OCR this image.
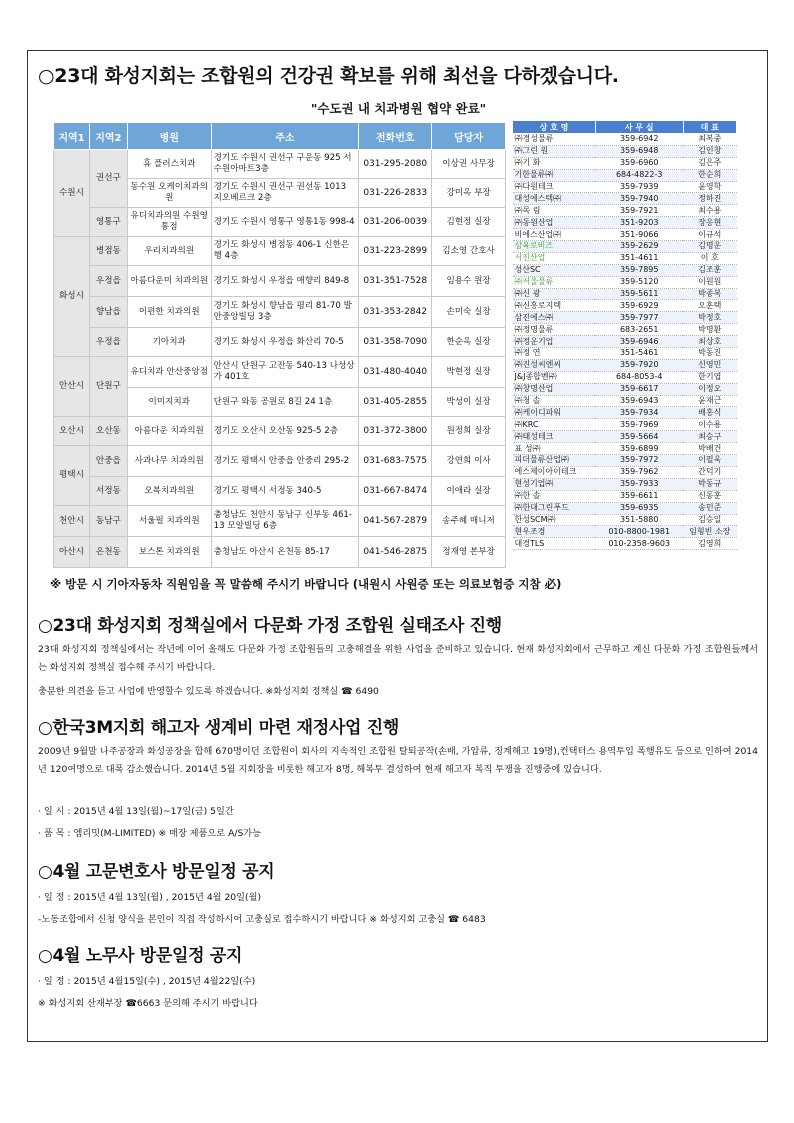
○23대 화성지회는 조합원의 건강권 확보를 위해 최선을 다하겠습니다.
"수도권 내 치과병원 협약 완료"
지역1	지역2	병원	주소	전화번호	담당자
수원시	권선구	휴 플러스치과	경기도 수원시 권선구 구운동 925 서수원아마트3층	031-295-2080	이상권 사무장
		동수원 오케이치과의원	경기도 수원시 권선구 권선동 1013 지오베르크 2층	031-226-2833	강미옥 부장
	영통구	유디치과의원 수원영통점	경기도 수원시 영통구 영통1동 998-4	031-206-0039	김현정 실장
화성시	병점동	우리치과의원	경기도 화성시 병점동 406-1 신한은행 4층	031-223-2899	김소영 간호사
	우정읍	아름다운미 치과의원	경기도 화성시 우정읍 매향리 849-8	031-351-7528	임용수 원장
	향남읍	이편한 치과의원	경기도 화성시 향남읍 평리 81-70 발안중앙빌딩 3층	031-353-2842	손미숙 실장
	우정읍	기아치과	경기도 화성시 우정읍 화산리 70-5	031-358-7090	한순옥 실장
안산시	단원구	유디치과 안산중앙점	안산시 단원구 고잔동 540-13 나성상가 401호	031-480-4040	박현정 실장
		이미지치과	단원구 와동 공원로 8길 24 1층	031-405-2855	박성이 실장
오산시	오산동	아름다운 치과의원	경기도 오산시 오산동 925-5 2층	031-372-3800	원정희 실장
평택시	안중읍	사과나무 치과의원	경기도 평택시 안중읍 안중리 295-2	031-683-7575	강연희 이사
	서정동	오복치과의원	경기도 평택시 서정동 340-5	031-667-8474	이애라 실장
천안시	동남구	서울펄 치과의원	충청남도 천안시 동남구 신부동 461-13 모알빌딩 6층	041-567-2879	송주혜 매니저
아산시	온천동	보스톤 치과의원	충청남도 아산시 온천동 85-17	041-546-2875	정재영 본부장
상 호 명	사 무 실	대 표
㈜경성물류	359-6942	최복중
㈜그린 원	359-6948	김인창
㈜기 화	359-6960	김은주
기한물류㈜	684-4822-3	한순희
㈜다원테크	359-7939	윤영학
대성에스텍㈜	359-7940	정하진
㈜목 림	359-7921	최수용
㈜동원산업	351-9203	장응현
비에스산업㈜	351-9066	이규석
삼육로비즈	359-2629	김명운
서진산업	351-4611	이 호
성산SC	359-7895	김조훈
㈜서울물류	359-5120	이원원
㈜신 광	359-5611	박종복
㈜신흥로지텍	359-6929	오훈택
삼진에스㈜	359-7977	박정호
㈜정명물류	683-2651	박명환
㈜정운기업	359-6946	최상호
㈜정 연	351-5461	박동진
㈜진성씨엔씨	359-7920	신영민
J&J종합벤㈜	684-8053-4	한기엽
㈜창명산업	359-6617	이정오
㈜청 솔	359-6943	윤재근
㈜케이디파워	359-7934	배홍식
㈜KRC	359-7969	이수용
㈜태성테크	359-5664	최승구
표 성㈜	359-6899	박배건
피더물류산업㈜	359-7972	이필욱
에스제이아이테크	359-7962	간덕기
현성기업㈜	359-7933	박동규
㈜한 솔	359-6611	신동훈
㈜한대그린푸드	359-6935	송민준
한성SCM㈜	351-5880	김승일
현우조경	010-8800-1981	임형빈 소장
대경TLS	010-2358-9603	김영희
※ 방문 시 기아자동차 직원임을 꼭 말씀해 주시기 바랍니다 (내원시 사원증 또는 의료보험증 지참 必)
○23대 화성지회 정책실에서 다문화 가정 조합원 실태조사 진행
23대 화성지회 정책실에서는 작년에 이어 올해도 다문화 가정 조합원들의 고충해결을 위한 사업을 준비하고 있습니다. 현재 화성지회에서 근무하고 계신 다문화 가정 조합원들께서는 화성지회 정책실 접수해 주시기 바랍니다.
충분한 의견을 듣고 사업에 반영할수 있도록 하겠습니다. ※화성지회 정책실 ☎ 6490
○한국3M지회 해고자 생계비 마련 재정사업 진행
2009년 9월말 나주공장과 화성공장을 합해 670명이던 조합원이 회사의 지속적인 조합원 탈퇴공작(손배, 가압류, 징계해고 19명),컨택터스 용역투입 폭행유도 등으로 인하여 2014년 120여명으로 대폭 감소했습니다. 2014년 5월 지회장을 비롯한 해고자 8명, 해복투 결성하여 현재 해고자 복직 투쟁을 진행중에 있습니다.
· 일 시 : 2015년 4월 13일(월)~17일(금) 5일간
· 품 목 : 엠리밋(M-LIMITED) ※ 매장 제품으로 A/S가능
○4월 고문변호사 방문일정 공지
· 일 정 : 2015년 4월 13일(월) , 2015년 4월 20일(월)
-노동조합에서 신청 양식을 본인이 직접 작성하시어 고충실로 접수하시기 바랍니다 ※ 화성지회 고충실 ☎ 6483
○4월 노무사 방문일정 공지
· 일 정 : 2015년 4월15일(수) , 2015년 4월22일(수)
※ 화성지회 산재부장 ☎6663 문의해 주시기 바랍니다
